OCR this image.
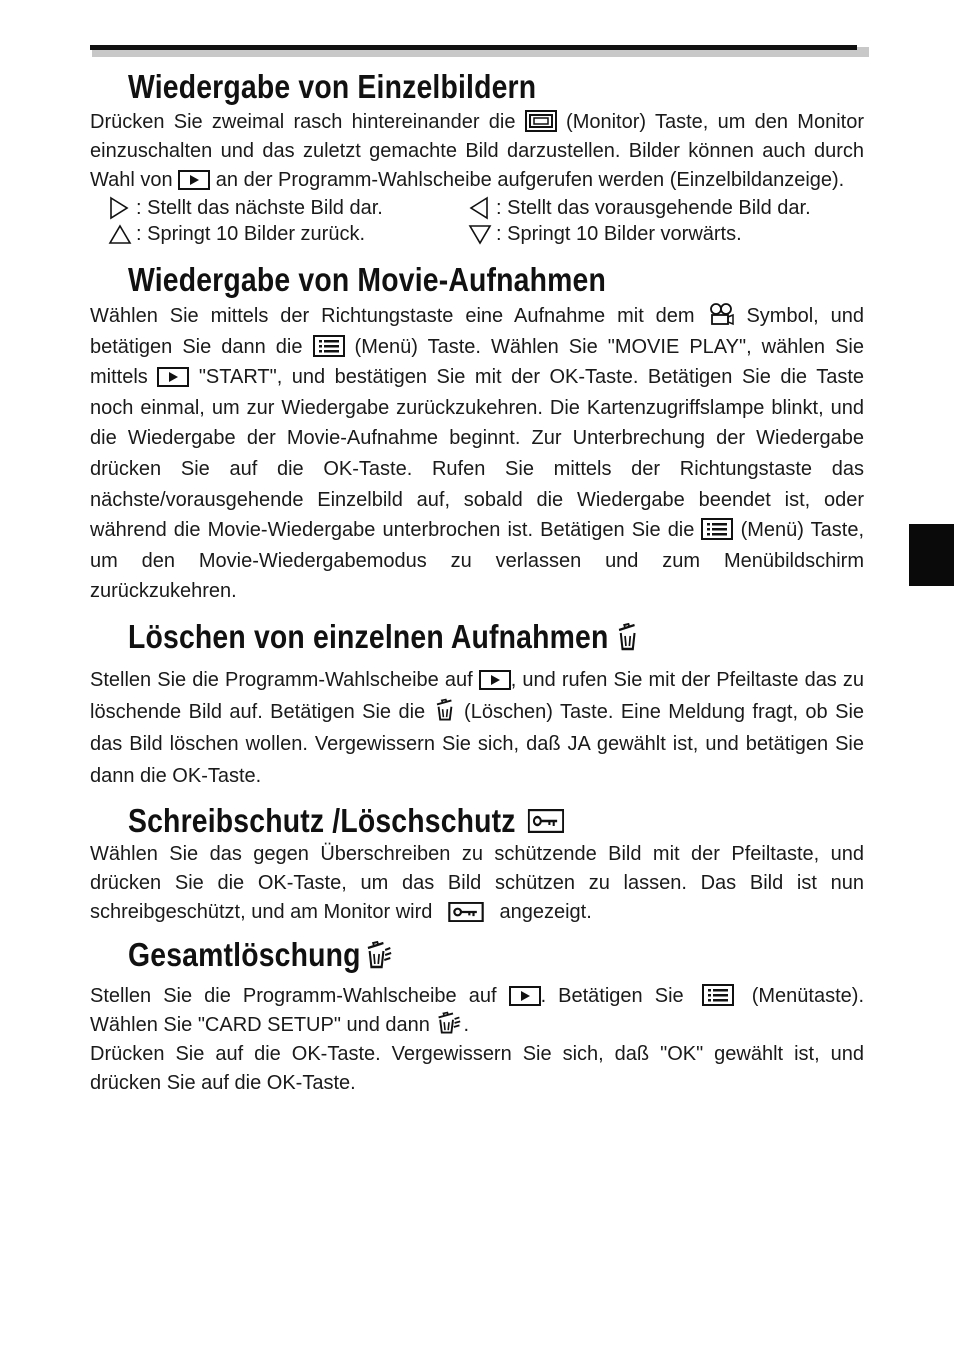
Wiedergabe von Einzelbildern

Drücken Sie zweimal rasch hintereinander die	(Monitor) Taste, um den Monitor einzuschalten und das zuletzt gemachte Bild darzustellen. Bilder können auch durch Wahl von an der Programm-Wahlscheibe aufgerufen werden (Einzelbildanzeige).

: Stellt das nächste Bild dar.	: Stellt das vorausgehende Bild dar.
: Springt 10 Bilder zurück.	: Springt 10 Bilder vorwärts.
Wiedergabe von Movie-Aufnahmen

Wählen Sie mittels der Richtungstaste eine Aufnahme mit dem	Symbol, und betätigen Sie dann die	(Menü) Taste. Wählen Sie "MOVIE PLAY", wählen Sie mittels	"START", und bestätigen Sie mit der OK-Taste. Betätigen Sie die Taste noch einmal, um zur Wiedergabe zurückzukehren. Die Kartenzugriffslampe blinkt, und die Wiedergabe der Movie-Aufnahme beginnt. Zur Unterbrechung der Wiedergabe drücken Sie auf die OK-Taste. Rufen Sie mittels der Richtungstaste das nächste/vorausgehende Einzelbild auf, sobald die Wiedergabe beendet ist, oder während die Movie-Wiedergabe unterbrochen ist. Betätigen Sie die (Menü) Taste, um den Movie-Wiedergabemodus zu verlassen und zum Menübildschirm zurückzukehren.

Löschen von einzelnen Aufnahmen

Stellen Sie die Programm-Wahlscheibe auf , und rufen Sie mit der Pfeiltaste das zu löschende Bild auf. Betätigen Sie die (Löschen) Taste. Eine Meldung fragt, ob Sie das Bild löschen wollen. Vergewissern Sie sich, daß JA gewählt ist, und betätigen Sie dann die OK-Taste.

Schreibschutz /Löschschutz

Wählen Sie das gegen Überschreiben zu schützende Bild mit der Pfeiltaste, und drücken Sie die OK-Taste, um das Bild schützen zu lassen. Das Bild ist nun schreibgeschützt, und am Monitor wird	angezeigt.

Gesamtlöschung

Stellen Sie die Programm-Wahlscheibe auf . Betätigen Sie	(Menütaste). Wählen Sie "CARD SETUP" und dann .

Drücken Sie auf die OK-Taste. Vergewissern Sie sich, daß "OK" gewählt ist, und drücken Sie auf die OK-Taste.
